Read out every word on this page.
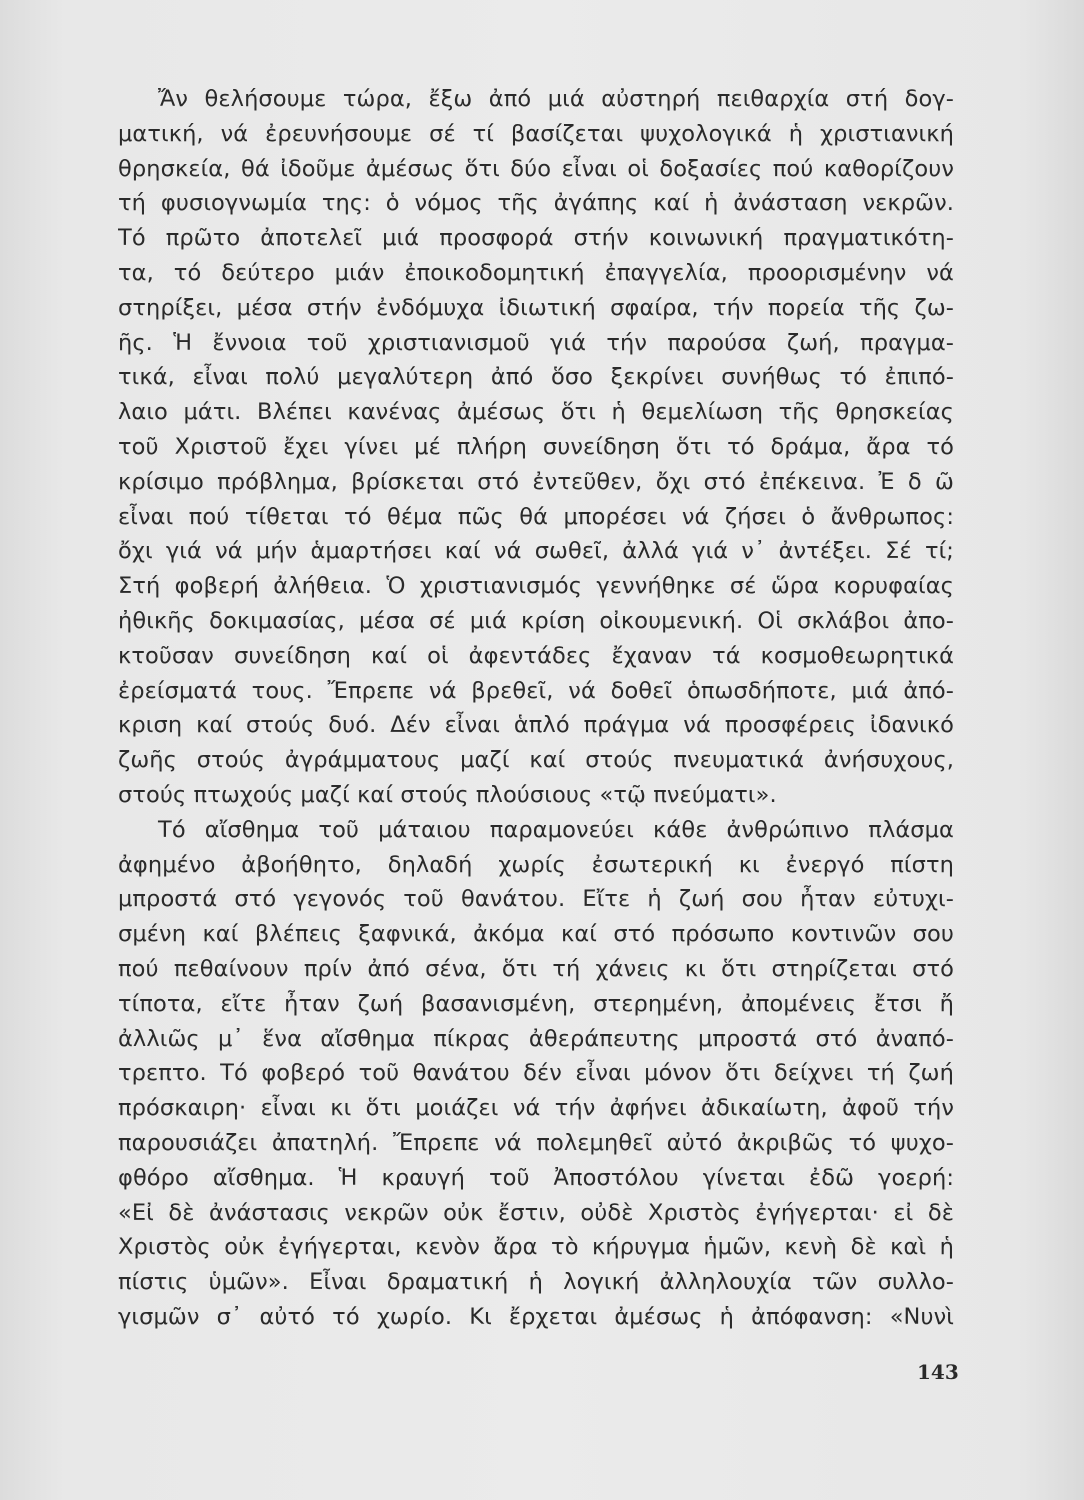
Ἄν θελήσουμε τώρα, ἔξω ἀπό μιά αὐστηρή πειθαρχία στή δογ-
ματική, νά ἐρευνήσουμε σέ τί βασίζεται ψυχολογικά ἡ χριστιανική
θρησκεία, θά ἰδοῦμε ἀμέσως ὅτι δύο εἶναι οἱ δοξασίες πού καθορίζουν
τή φυσιογνωμία της: ὁ νόμος τῆς ἀγάπης καί ἡ ἀνάσταση νεκρῶν.
Τό πρῶτο ἀποτελεῖ μιά προσφορά στήν κοινωνική πραγματικότη-
τα, τό δεύτερο μιάν ἐποικοδομητική ἐπαγγελία, προορισμένην νά
στηρίξει, μέσα στήν ἐνδόμυχα ἰδιωτική σφαίρα, τήν πορεία τῆς ζω-
ῆς. Ἡ ἔννοια τοῦ χριστιανισμοῦ γιά τήν παρούσα ζωή, πραγμα-
τικά, εἶναι πολύ μεγαλύτερη ἀπό ὅσο ξεκρίνει συνήθως τό ἐπιπό-
λαιο μάτι. Βλέπει κανένας ἀμέσως ὅτι ἡ θεμελίωση τῆς θρησκείας
τοῦ Χριστοῦ ἔχει γίνει μέ πλήρη συνείδηση ὅτι τό δράμα, ἄρα τό
κρίσιμο πρόβλημα, βρίσκεται στό ἐντεῦθεν, ὄχι στό ἐπέκεινα. Ἐ δ ῶ
εἶναι πού τίθεται τό θέμα πῶς θά μπορέσει νά ζήσει ὁ ἄνθρωπος:
ὄχι γιά νά μήν ἁμαρτήσει καί νά σωθεῖ, ἀλλά γιά ν᾽ ἀντέξει. Σέ τί;
Στή φοβερή ἀλήθεια. Ὁ χριστιανισμός γεννήθηκε σέ ὥρα κορυφαίας
ἠθικῆς δοκιμασίας, μέσα σέ μιά κρίση οἰκουμενική. Οἱ σκλάβοι ἀπο-
κτοῦσαν συνείδηση καί οἱ ἀφεντάδες ἔχαναν τά κοσμοθεωρητικά
ἐρείσματά τους. Ἔπρεπε νά βρεθεῖ, νά δοθεῖ ὁπωσδήποτε, μιά ἀπό-
κριση καί στούς δυό. Δέν εἶναι ἁπλό πράγμα νά προσφέρεις ἰδανικό
ζωῆς στούς ἀγράμματους μαζί καί στούς πνευματικά ἀνήσυχους,
στούς πτωχούς μαζί καί στούς πλούσιους «τῷ πνεύματι».
Τό αἴσθημα τοῦ μάταιου παραμονεύει κάθε ἀνθρώπινο πλάσμα
ἀφημένο ἀβοήθητο, δηλαδή χωρίς ἐσωτερική κι ἐνεργό πίστη
μπροστά στό γεγονός τοῦ θανάτου. Εἴτε ἡ ζωή σου ἦταν εὐτυχι-
σμένη καί βλέπεις ξαφνικά, ἀκόμα καί στό πρόσωπο κοντινῶν σου
πού πεθαίνουν πρίν ἀπό σένα, ὅτι τή χάνεις κι ὅτι στηρίζεται στό
τίποτα, εἴτε ἦταν ζωή βασανισμένη, στερημένη, ἀπομένεις ἔτσι ἤ
ἀλλιῶς μ᾽ ἕνα αἴσθημα πίκρας ἀθεράπευτης μπροστά στό ἀναπό-
τρεπτο. Τό φοβερό τοῦ θανάτου δέν εἶναι μόνον ὅτι δείχνει τή ζωή
πρόσκαιρη· εἶναι κι ὅτι μοιάζει νά τήν ἀφήνει ἀδικαίωτη, ἀφοῦ τήν
παρουσιάζει ἀπατηλή. Ἔπρεπε νά πολεμηθεῖ αὐτό ἀκριβῶς τό ψυχο-
φθόρο αἴσθημα. Ἡ κραυγή τοῦ Ἀποστόλου γίνεται ἐδῶ γοερή:
«Εἰ δὲ ἀνάστασις νεκρῶν οὐκ ἔστιν, οὐδὲ Χριστὸς ἐγήγερται· εἰ δὲ
Χριστὸς οὐκ ἐγήγερται, κενὸν ἄρα τὸ κήρυγμα ἡμῶν, κενὴ δὲ καὶ ἡ
πίστις ὑμῶν». Εἶναι δραματική ἡ λογική ἀλληλουχία τῶν συλλο-
γισμῶν σ᾽ αὐτό τό χωρίο. Κι ἔρχεται ἀμέσως ἡ ἀπόφανση: «Νυνὶ
143
